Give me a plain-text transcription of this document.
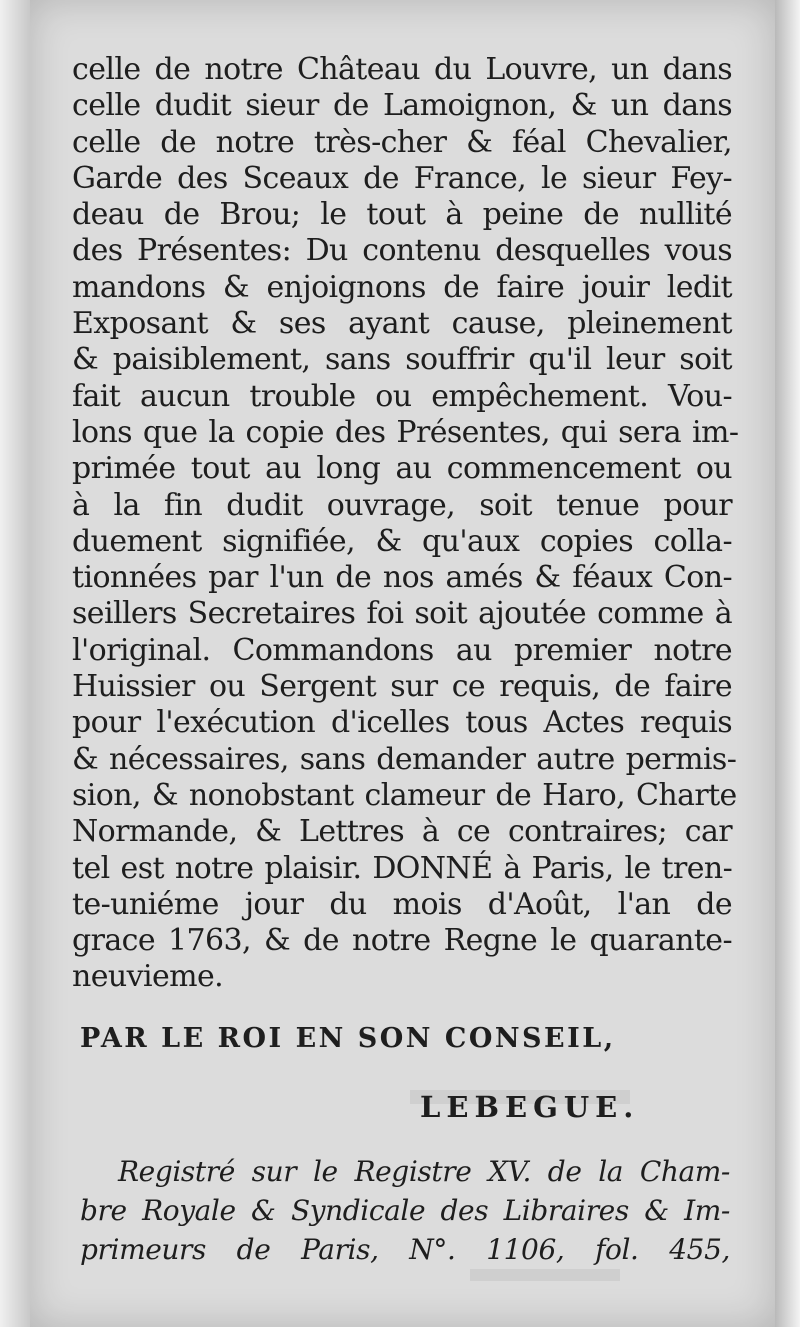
celle de notre Château du Louvre, un dans
celle dudit sieur de Lamoignon, & un dans
celle de notre très-cher & féal Chevalier,
Garde des Sceaux de France, le sieur Fey-
deau de Brou; le tout à peine de nullité
des Présentes: Du contenu desquelles vous
mandons & enjoignons de faire jouir ledit
Exposant & ses ayant cause, pleinement
& paisiblement, sans souffrir qu'il leur soit
fait aucun trouble ou empêchement. Vou-
lons que la copie des Présentes, qui sera im-
primée tout au long au commencement ou
à la fin dudit ouvrage, soit tenue pour
duement signifiée, & qu'aux copies colla-
tionnées par l'un de nos amés & féaux Con-
seillers Secretaires foi soit ajoutée comme à
l'original. Commandons au premier notre
Huissier ou Sergent sur ce requis, de faire
pour l'exécution d'icelles tous Actes requis
& nécessaires, sans demander autre permis-
sion, & nonobstant clameur de Haro, Charte
Normande, & Lettres à ce contraires; car
tel est notre plaisir. DONNÉ à Paris, le tren-
te-uniéme jour du mois d'Août, l'an de
grace 1763, & de notre Regne le quarante-
neuvieme.

PAR LE ROI EN SON CONSEIL,

LEBEGUE.

Registré sur le Registre XV. de la Cham-
bre Royale & Syndicale des Libraires & Im-
primeurs de Paris, N°. 1106, fol. 455,
